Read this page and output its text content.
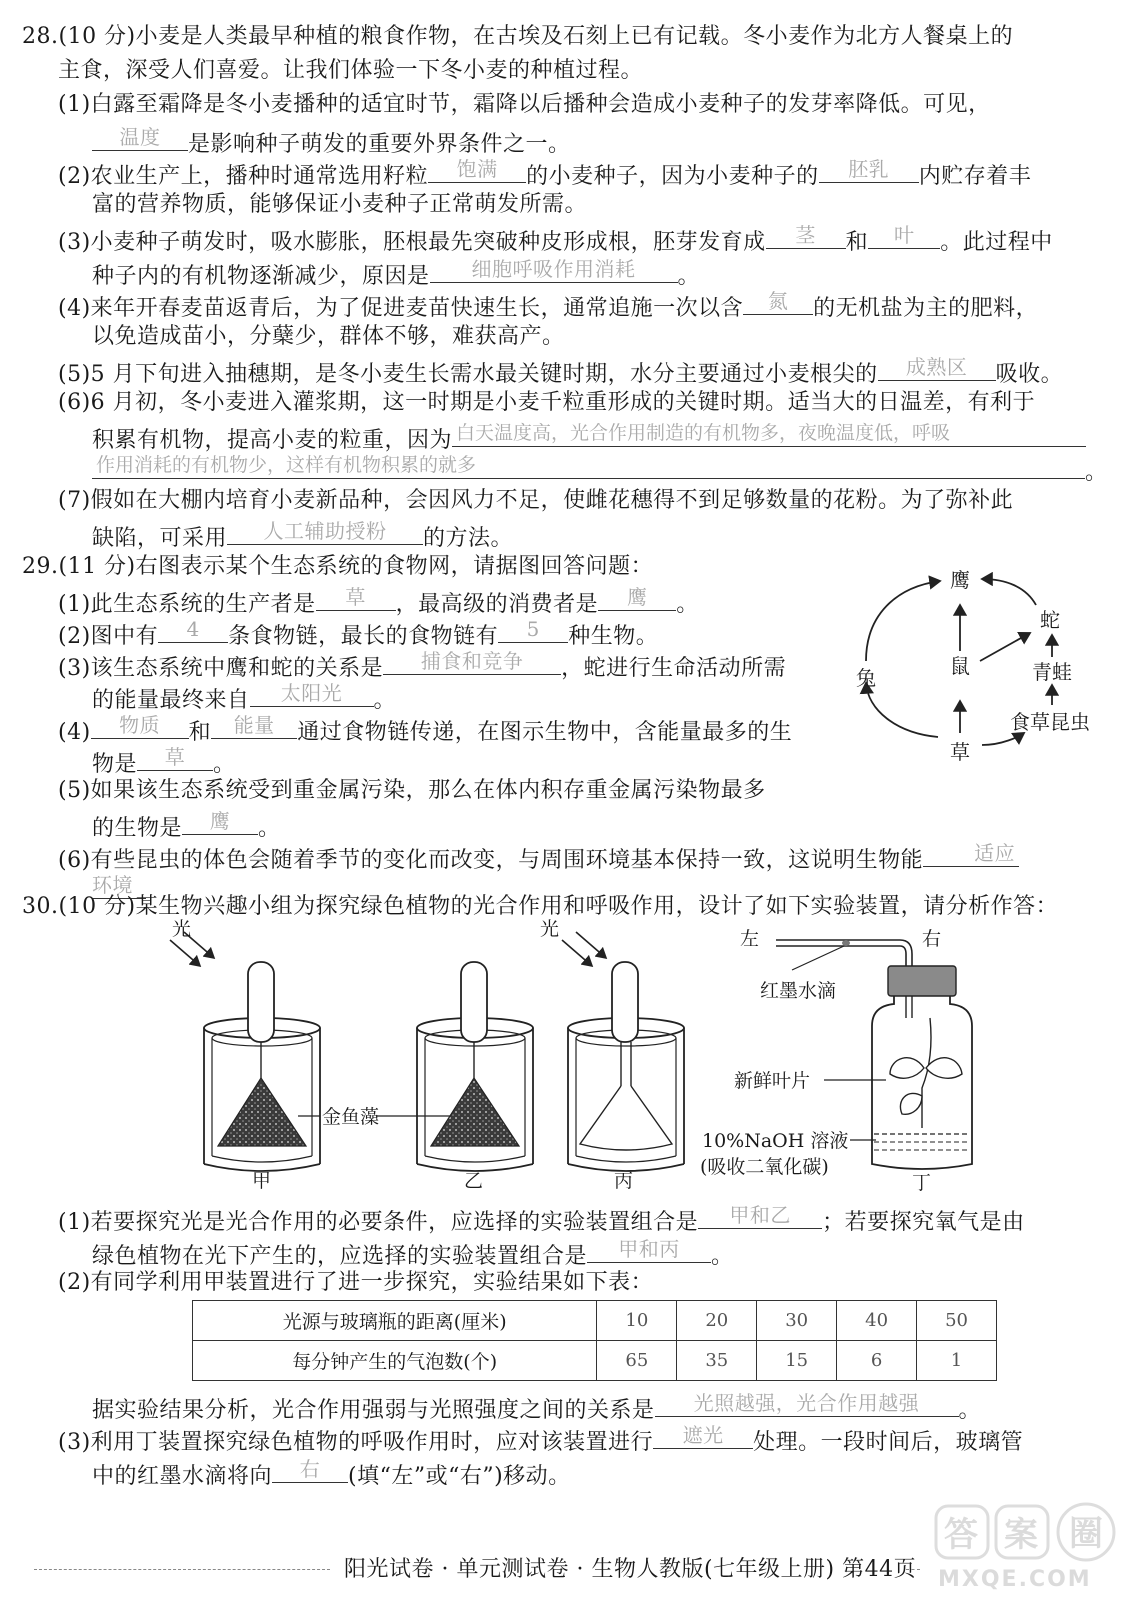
28.(10 分)小麦是人类最早种植的粮食作物，在古埃及石刻上已有记载。冬小麦作为北方人餐桌上的
主食，深受人们喜爱。让我们体验一下冬小麦的种植过程。
(1)白露至霜降是冬小麦播种的适宜时节，霜降以后播种会造成小麦种子的发芽率降低。可见，
温度 是影响种子萌发的重要外界条件之一。
(2)农业生产上，播种时通常选用籽粒 饱满 的小麦种子，因为小麦种子的 胚乳 内贮存着丰
富的营养物质，能够保证小麦种子正常萌发所需。
(3)小麦种子萌发时，吸水膨胀，胚根最先突破种皮形成根，胚芽发育成 茎 和 叶 。此过程中
种子内的有机物逐渐减少，原因是 细胞呼吸作用消耗 。
(4)来年开春麦苗返青后，为了促进麦苗快速生长，通常追施一次以含 氮 的无机盐为主的肥料，
以免造成苗小，分蘖少，群体不够，难获高产。
(5)5 月下旬进入抽穗期，是冬小麦生长需水最关键时期，水分主要通过小麦根尖的 成熟区 吸收。
(6)6 月初，冬小麦进入灌浆期，这一时期是小麦千粒重形成的关键时期。适当大的日温差，有利于
积累有机物，提高小麦的粒重，因为 白天温度高，光合作用制造的有机物多，夜晚温度低，呼吸
作用消耗的有机物少，这样有机物积累的就多	。
(7)假如在大棚内培育小麦新品种，会因风力不足，使雌花穗得不到足够数量的花粉。为了弥补此
缺陷，可采用 人工辅助授粉 的方法。
29.(11 分)右图表示某个生态系统的食物网，请据图回答问题：
(1)此生态系统的生产者是 草 ，最高级的消费者是 鹰 。
(2)图中有 4 条食物链，最长的食物链有 5 种生物。
(3)该生态系统中鹰和蛇的关系是 捕食和竞争 ，蛇进行生命活动所需
的能量最终来自 太阳光 。
(4) 物质 和 能量 通过食物链传递，在图示生物中，含能量最多的生
物是 草 。
(5)如果该生态系统受到重金属污染，那么在体内积存重金属污染物最多
的生物是 鹰 。
(6)有些昆虫的体色会随着季节的变化而改变，与周围环境基本保持一致，这说明生物能	适应
环境
鹰
蛇
兔	鼠	青蛙
食草昆虫
草
30.(10 分)某生物兴趣小组为探究绿色植物的光合作用和呼吸作用，设计了如下实验装置，请分析作答：
光	光	左	右
红墨水滴
新鲜叶片
金鱼藻
10%NaOH 溶液
(吸收二氧化碳)
甲	乙	丙	丁
(1)若要探究光是光合作用的必要条件，应选择的实验装置组合是 甲和乙 ；若要探究氧气是由
绿色植物在光下产生的，应选择的实验装置组合是 甲和丙 。
(2)有同学利用甲装置进行了进一步探究，实验结果如下表：
光源与玻璃瓶的距离(厘米)	10	20	30	40	50
每分钟产生的气泡数(个)	65	35	15	6	1
据实验结果分析，光合作用强弱与光照强度之间的关系是 光照越强，光合作用越强 。
(3)利用丁装置探究绿色植物的呼吸作用时，应对该装置进行 遮光 处理。一段时间后，玻璃管
中的红墨水滴将向 右 (填“左”或“右”)移动。
阳光试卷 · 单元测试卷 · 生物人教版(七年级上册) 第44页
答 案 圈
MXQE.COM
